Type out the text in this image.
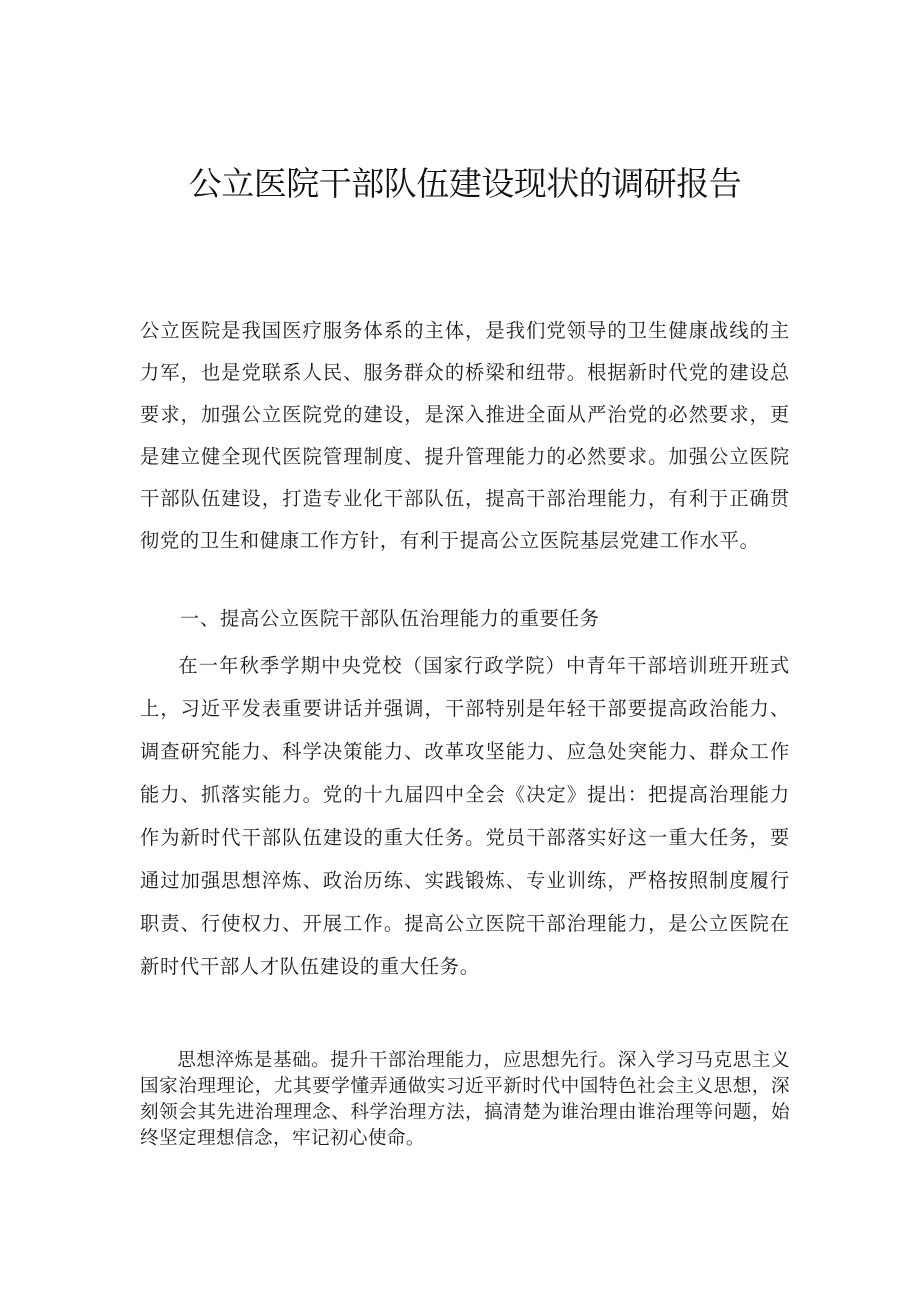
公立医院干部队伍建设现状的调研报告

公立医院是我国医疗服务体系的主体，是我们党领导的卫生健康战线的主力军，也是党联系人民、服务群众的桥梁和纽带。根据新时代党的建设总要求，加强公立医院党的建设，是深入推进全面从严治党的必然要求，更是建立健全现代医院管理制度、提升管理能力的必然要求。加强公立医院干部队伍建设，打造专业化干部队伍，提高干部治理能力，有利于正确贯彻党的卫生和健康工作方针，有利于提高公立医院基层党建工作水平。

一、提高公立医院干部队伍治理能力的重要任务

在一年秋季学期中央党校（国家行政学院）中青年干部培训班开班式上，习近平发表重要讲话并强调，干部特别是年轻干部要提高政治能力、调查研究能力、科学决策能力、改革攻坚能力、应急处突能力、群众工作能力、抓落实能力。党的十九届四中全会《决定》提出：把提高治理能力作为新时代干部队伍建设的重大任务。党员干部落实好这一重大任务，要通过加强思想淬炼、政治历练、实践锻炼、专业训练，严格按照制度履行职责、行使权力、开展工作。提高公立医院干部治理能力，是公立医院在新时代干部人才队伍建设的重大任务。

思想淬炼是基础。提升干部治理能力，应思想先行。深入学习马克思主义国家治理理论，尤其要学懂弄通做实习近平新时代中国特色社会主义思想，深刻领会其先进治理理念、科学治理方法，搞清楚为谁治理由谁治理等问题，始终坚定理想信念，牢记初心使命。
